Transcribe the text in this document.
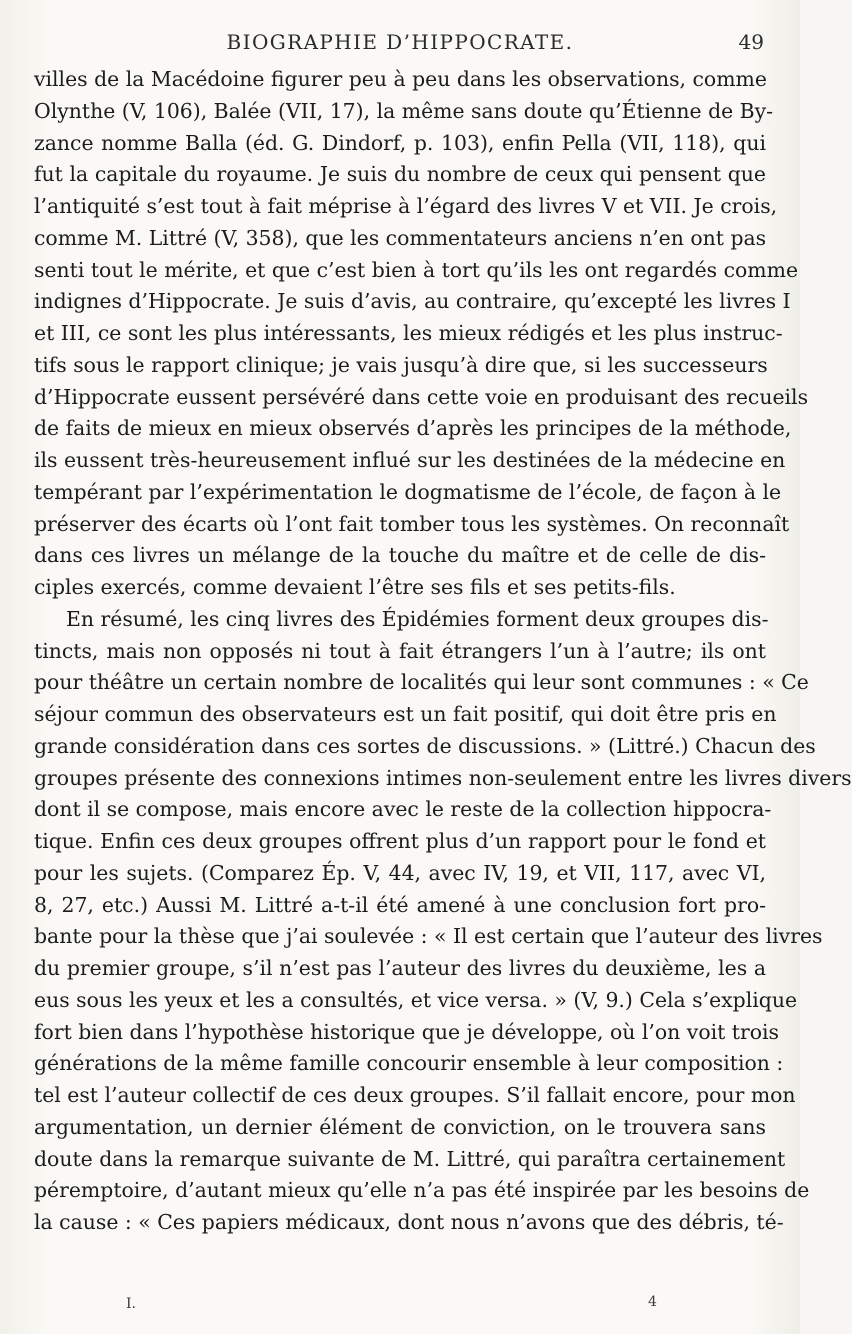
BIOGRAPHIE D’HIPPOCRATE.	49
villes de la Macédoine figurer peu à peu dans les observations, comme
Olynthe (V, 106), Balée (VII, 17), la même sans doute qu’Étienne de By-
zance nomme Balla (éd. G. Dindorf, p. 103), enfin Pella (VII, 118), qui
fut la capitale du royaume. Je suis du nombre de ceux qui pensent que
l’antiquité s’est tout à fait méprise à l’égard des livres V et VII. Je crois,
comme M. Littré (V, 358), que les commentateurs anciens n’en ont pas
senti tout le mérite, et que c’est bien à tort qu’ils les ont regardés comme
indignes d’Hippocrate. Je suis d’avis, au contraire, qu’excepté les livres I
et III, ce sont les plus intéressants, les mieux rédigés et les plus instruc-
tifs sous le rapport clinique; je vais jusqu’à dire que, si les successeurs
d’Hippocrate eussent persévéré dans cette voie en produisant des recueils
de faits de mieux en mieux observés d’après les principes de la méthode,
ils eussent très-heureusement influé sur les destinées de la médecine en
tempérant par l’expérimentation le dogmatisme de l’école, de façon à le
préserver des écarts où l’ont fait tomber tous les systèmes. On reconnaît
dans ces livres un mélange de la touche du maître et de celle de dis-
ciples exercés, comme devaient l’être ses fils et ses petits-fils.
En résumé, les cinq livres des Épidémies forment deux groupes dis-
tincts, mais non opposés ni tout à fait étrangers l’un à l’autre; ils ont
pour théâtre un certain nombre de localités qui leur sont communes : « Ce
séjour commun des observateurs est un fait positif, qui doit être pris en
grande considération dans ces sortes de discussions. » (Littré.) Chacun des
groupes présente des connexions intimes non-seulement entre les livres divers
dont il se compose, mais encore avec le reste de la collection hippocra-
tique. Enfin ces deux groupes offrent plus d’un rapport pour le fond et
pour les sujets. (Comparez Ép. V, 44, avec IV, 19, et VII, 117, avec VI,
8, 27, etc.) Aussi M. Littré a-t-il été amené à une conclusion fort pro-
bante pour la thèse que j’ai soulevée : « Il est certain que l’auteur des livres
du premier groupe, s’il n’est pas l’auteur des livres du deuxième, les a
eus sous les yeux et les a consultés, et vice versa. » (V, 9.) Cela s’explique
fort bien dans l’hypothèse historique que je développe, où l’on voit trois
générations de la même famille concourir ensemble à leur composition :
tel est l’auteur collectif de ces deux groupes. S’il fallait encore, pour mon
argumentation, un dernier élément de conviction, on le trouvera sans
doute dans la remarque suivante de M. Littré, qui paraîtra certainement
péremptoire, d’autant mieux qu’elle n’a pas été inspirée par les besoins de
la cause : « Ces papiers médicaux, dont nous n’avons que des débris, té-
I.	4
